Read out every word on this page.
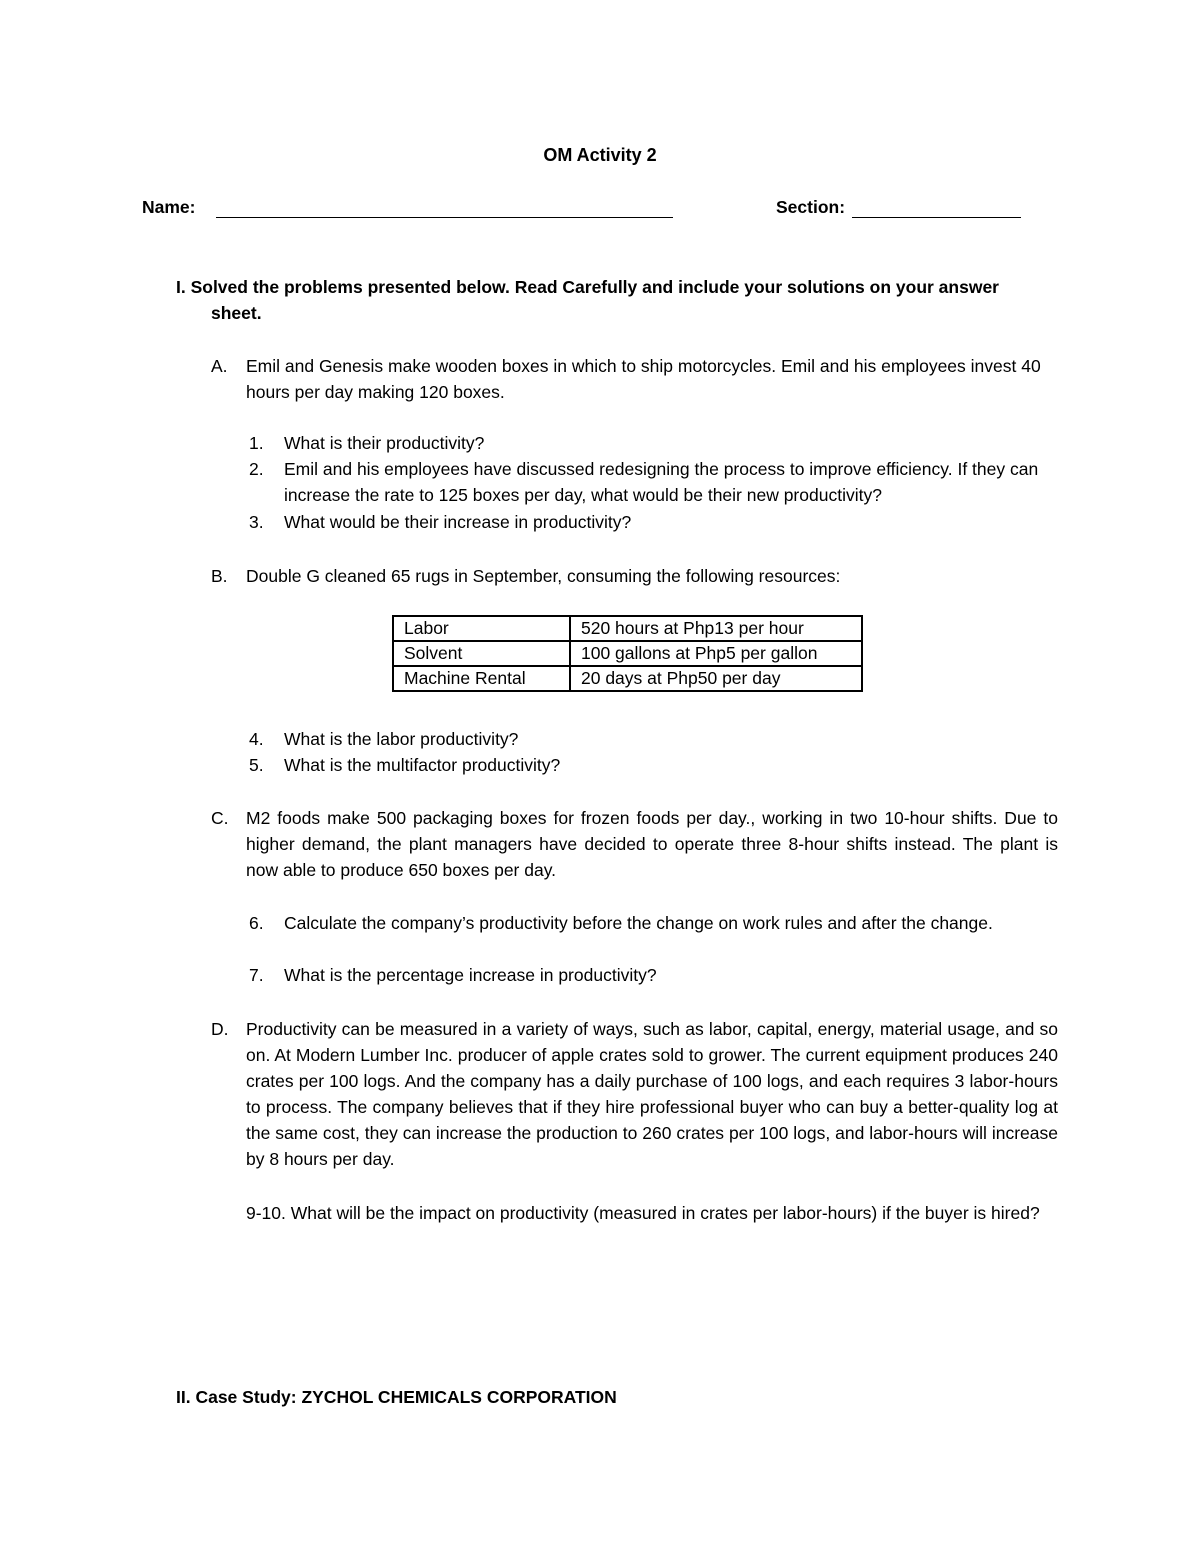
OM Activity 2
Name:	Section:
I. Solved the problems presented below. Read Carefully and include your solutions on your answer
sheet.
A. Emil and Genesis make wooden boxes in which to ship motorcycles. Emil and his employees invest 40 hours per day making 120 boxes.
1. What is their productivity?
2. Emil and his employees have discussed redesigning the process to improve efficiency. If they can increase the rate to 125 boxes per day, what would be their new productivity?
3. What would be their increase in productivity?
B. Double G cleaned 65 rugs in September, consuming the following resources:
Labor	520 hours at Php13 per hour
Solvent	100 gallons at Php5 per gallon
Machine Rental	20 days at Php50 per day
4. What is the labor productivity?
5. What is the multifactor productivity?
C. M2 foods make 500 packaging boxes for frozen foods per day., working in two 10-hour shifts. Due to higher demand, the plant managers have decided to operate three 8-hour shifts instead. The plant is now able to produce 650 boxes per day.
6. Calculate the company’s productivity before the change on work rules and after the change.
7. What is the percentage increase in productivity?
D. Productivity can be measured in a variety of ways, such as labor, capital, energy, material usage, and so on. At Modern Lumber Inc. producer of apple crates sold to grower. The current equipment produces 240 crates per 100 logs. And the company has a daily purchase of 100 logs, and each requires 3 labor-hours to process. The company believes that if they hire professional buyer who can buy a better-quality log at the same cost, they can increase the production to 260 crates per 100 logs, and labor-hours will increase by 8 hours per day.
9-10. What will be the impact on productivity (measured in crates per labor-hours) if the buyer is hired?
II. Case Study: ZYCHOL CHEMICALS CORPORATION
